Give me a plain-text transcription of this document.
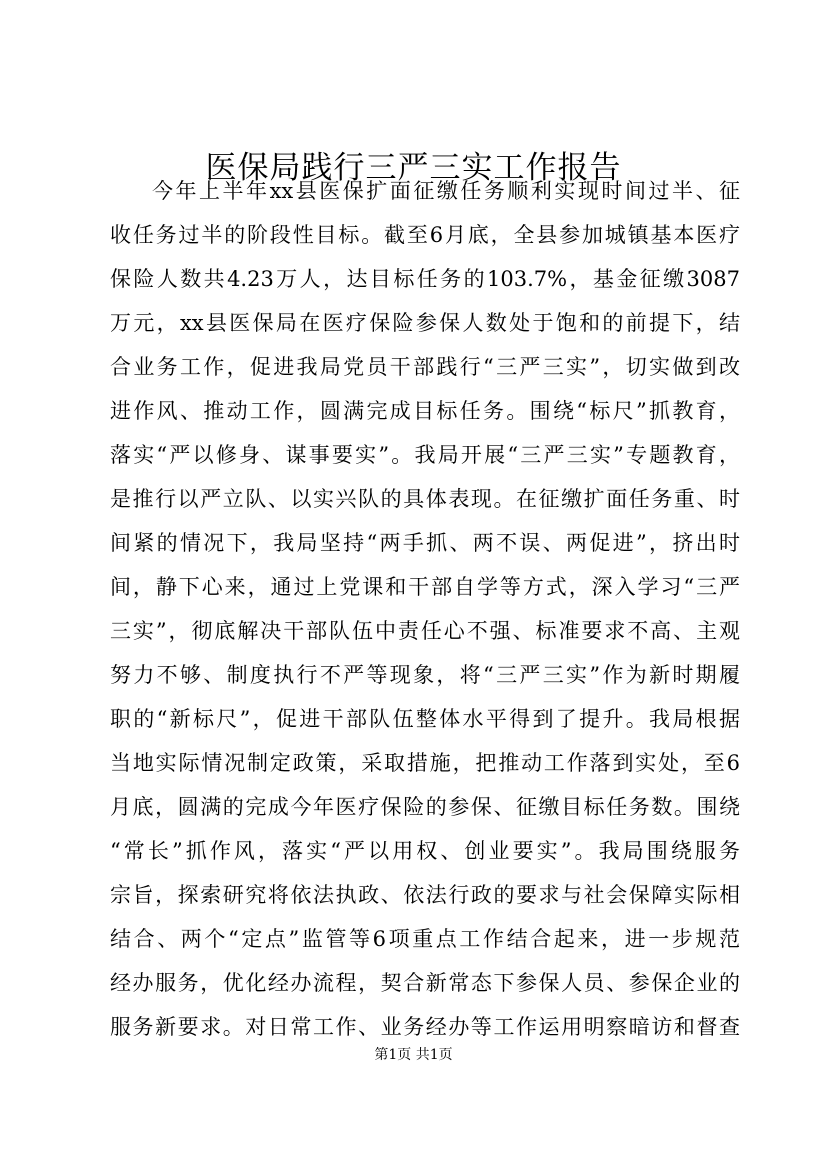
医保局践行三严三实工作报告
今年上半年xx县医保扩面征缴任务顺利实现时间过半、征
收任务过半的阶段性目标。截至6月底，全县参加城镇基本医疗
保险人数共4.23万人，达目标任务的103.7%，基金征缴3087
万元，xx县医保局在医疗保险参保人数处于饱和的前提下，结
合业务工作，促进我局党员干部践行“三严三实”，切实做到改
进作风、推动工作，圆满完成目标任务。围绕“标尺”抓教育，
落实“严以修身、谋事要实”。我局开展“三严三实”专题教育，
是推行以严立队、以实兴队的具体表现。在征缴扩面任务重、时
间紧的情况下，我局坚持“两手抓、两不误、两促进”，挤出时
间，静下心来，通过上党课和干部自学等方式，深入学习“三严
三实”，彻底解决干部队伍中责任心不强、标准要求不高、主观
努力不够、制度执行不严等现象，将“三严三实”作为新时期履
职的“新标尺”，促进干部队伍整体水平得到了提升。我局根据
当地实际情况制定政策，采取措施，把推动工作落到实处，至6
月底，圆满的完成今年医疗保险的参保、征缴目标任务数。围绕
“常长”抓作风，落实“严以用权、创业要实”。我局围绕服务
宗旨，探索研究将依法执政、依法行政的要求与社会保障实际相
结合、两个“定点”监管等6项重点工作结合起来，进一步规范
经办服务，优化经办流程，契合新常态下参保人员、参保企业的
服务新要求。对日常工作、业务经办等工作运用明察暗访和督查
第1页 共1页
